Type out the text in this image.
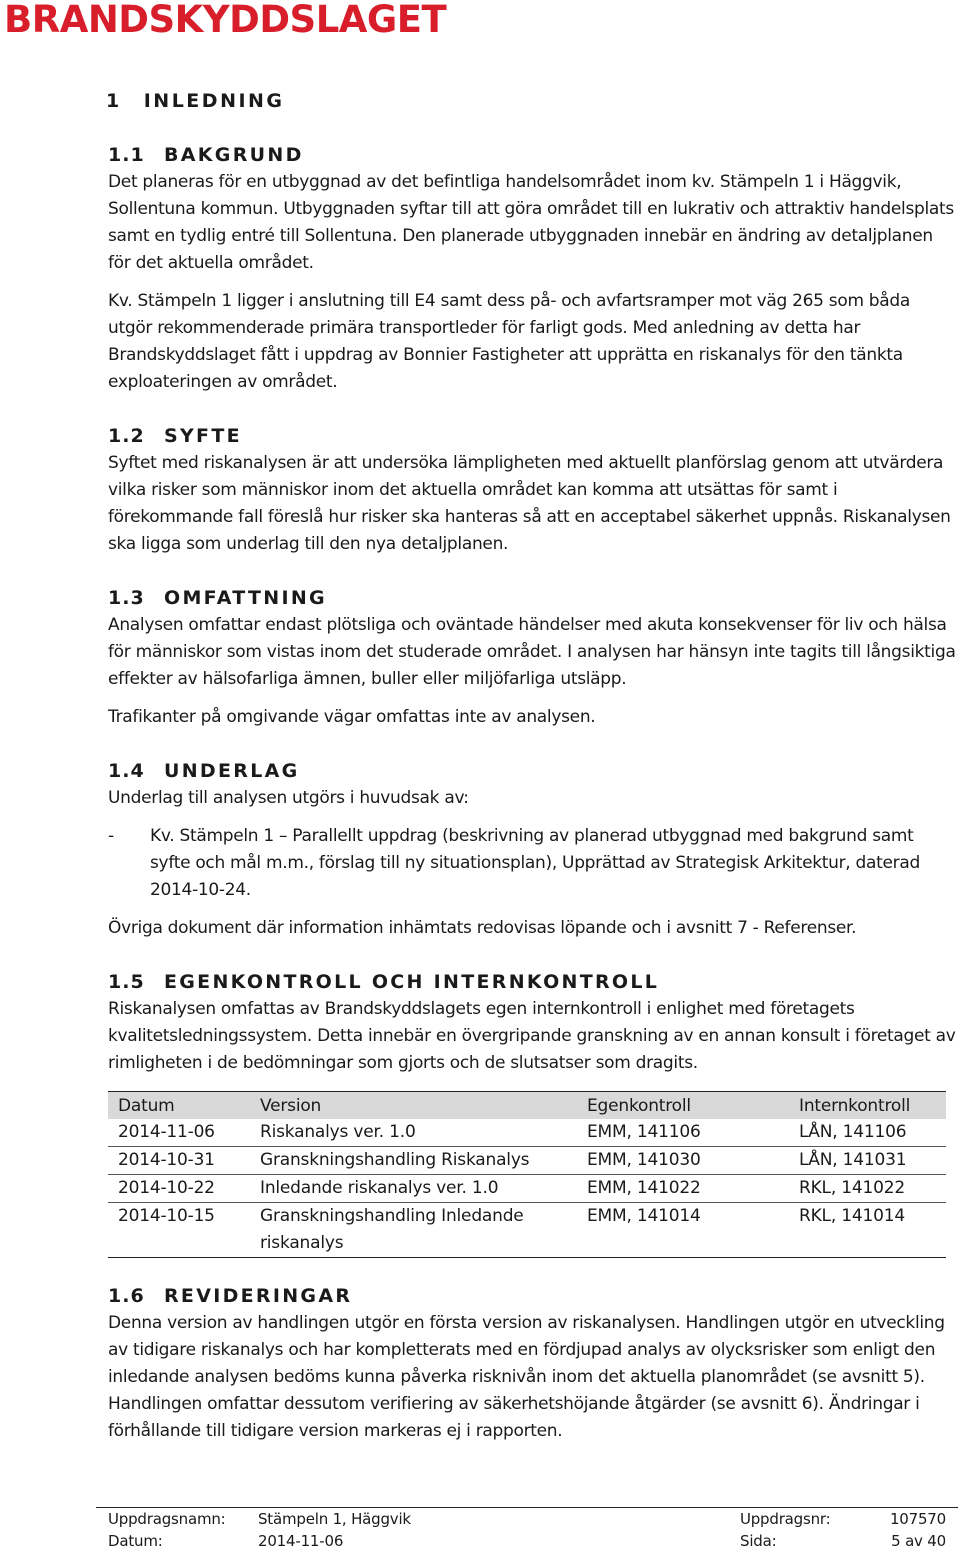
BRANDSKYDDSLAGET
1 INLEDNING
1.1 BAKGRUND

Det planeras för en utbyggnad av det befintliga handelsområdet inom kv. Stämpeln 1 i Häggvik, Sollentuna kommun. Utbyggnaden syftar till att göra området till en lukrativ och attraktiv handelsplats samt en tydlig entré till Sollentuna. Den planerade utbyggnaden innebär en ändring av detaljplanen för det aktuella området.

Kv. Stämpeln 1 ligger i anslutning till E4 samt dess på- och avfartsramper mot väg 265 som båda utgör rekommenderade primära transportleder för farligt gods. Med anledning av detta har Brandskyddslaget fått i uppdrag av Bonnier Fastigheter att upprätta en riskanalys för den tänkta exploateringen av området.

1.2 SYFTE

Syftet med riskanalysen är att undersöka lämpligheten med aktuellt planförslag genom att utvärdera vilka risker som människor inom det aktuella området kan komma att utsättas för samt i förekommande fall föreslå hur risker ska hanteras så att en acceptabel säkerhet uppnås. Riskanalysen ska ligga som underlag till den nya detaljplanen.

1.3 OMFATTNING

Analysen omfattar endast plötsliga och oväntade händelser med akuta konsekvenser för liv och hälsa för människor som vistas inom det studerade området. I analysen har hänsyn inte tagits till långsiktiga effekter av hälsofarliga ämnen, buller eller miljöfarliga utsläpp.

Trafikanter på omgivande vägar omfattas inte av analysen.

1.4 UNDERLAG

Underlag till analysen utgörs i huvudsak av:

-	Kv. Stämpeln 1 – Parallellt uppdrag (beskrivning av planerad utbyggnad med bakgrund samt syfte och mål m.m., förslag till ny situationsplan), Upprättad av Strategisk Arkitektur, daterad 2014-10-24.

Övriga dokument där information inhämtats redovisas löpande och i avsnitt 7 - Referenser.

1.5 EGENKONTROLL OCH INTERNKONTROLL

Riskanalysen omfattas av Brandskyddslagets egen internkontroll i enlighet med företagets kvalitetsledningssystem. Detta innebär en övergripande granskning av en annan konsult i företaget av rimligheten i de bedömningar som gjorts och de slutsatser som dragits.

Datum	Version	Egenkontroll	Internkontroll
2014-11-06	Riskanalys ver. 1.0	EMM, 141106	LÅN, 141106
2014-10-31	Granskningshandling Riskanalys	EMM, 141030	LÅN, 141031
2014-10-22	Inledande riskanalys ver. 1.0	EMM, 141022	RKL, 141022
2014-10-15	Granskningshandling Inledande riskanalys	EMM, 141014	RKL, 141014
1.6 REVIDERINGAR

Denna version av handlingen utgör en första version av riskanalysen. Handlingen utgör en utveckling av tidigare riskanalys och har kompletterats med en fördjupad analys av olycksrisker som enligt den inledande analysen bedöms kunna påverka risknivån inom det aktuella planområdet (se avsnitt 5). Handlingen omfattar dessutom verifiering av säkerhetshöjande åtgärder (se avsnitt 6). Ändringar i förhållande till tidigare version markeras ej i rapporten.

Uppdragsnamn:	Stämpeln 1, Häggvik	Uppdragsnr:	107570
Datum:	2014-11-06	Sida:	5 av 40
